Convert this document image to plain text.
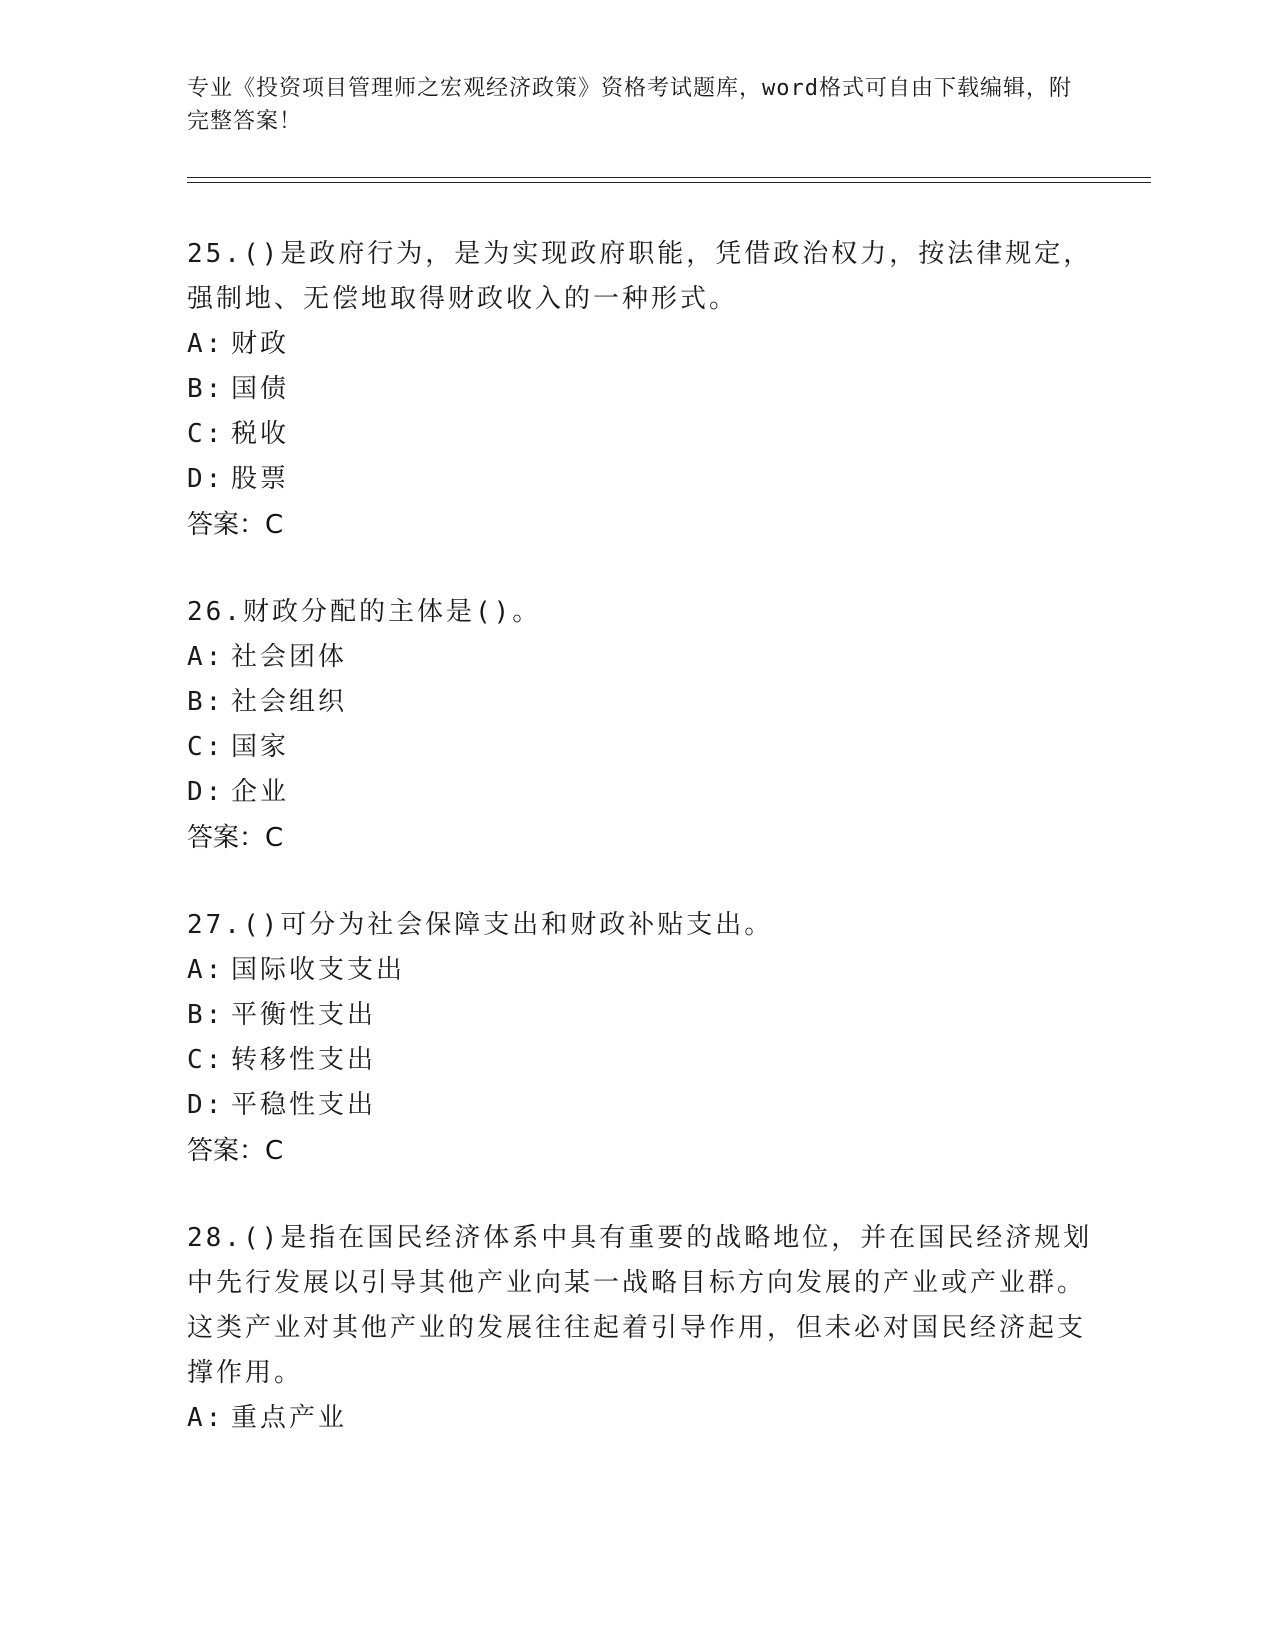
专业《投资项目管理师之宏观经济政策》资格考试题库，word格式可自由下载编辑，附完整答案！

25.()是政府行为，是为实现政府职能，凭借政治权力，按法律规定，强制地、无偿地取得财政收入的一种形式。

A: 财政

B: 国债

C: 税收

D: 股票

答案：C

26.财政分配的主体是()。

A: 社会团体

B: 社会组织

C: 国家

D: 企业

答案：C

27.()可分为社会保障支出和财政补贴支出。

A: 国际收支支出

B: 平衡性支出

C: 转移性支出

D: 平稳性支出

答案：C

28.()是指在国民经济体系中具有重要的战略地位，并在国民经济规划中先行发展以引导其他产业向某一战略目标方向发展的产业或产业群。这类产业对其他产业的发展往往起着引导作用，但未必对国民经济起支撑作用。

A: 重点产业
